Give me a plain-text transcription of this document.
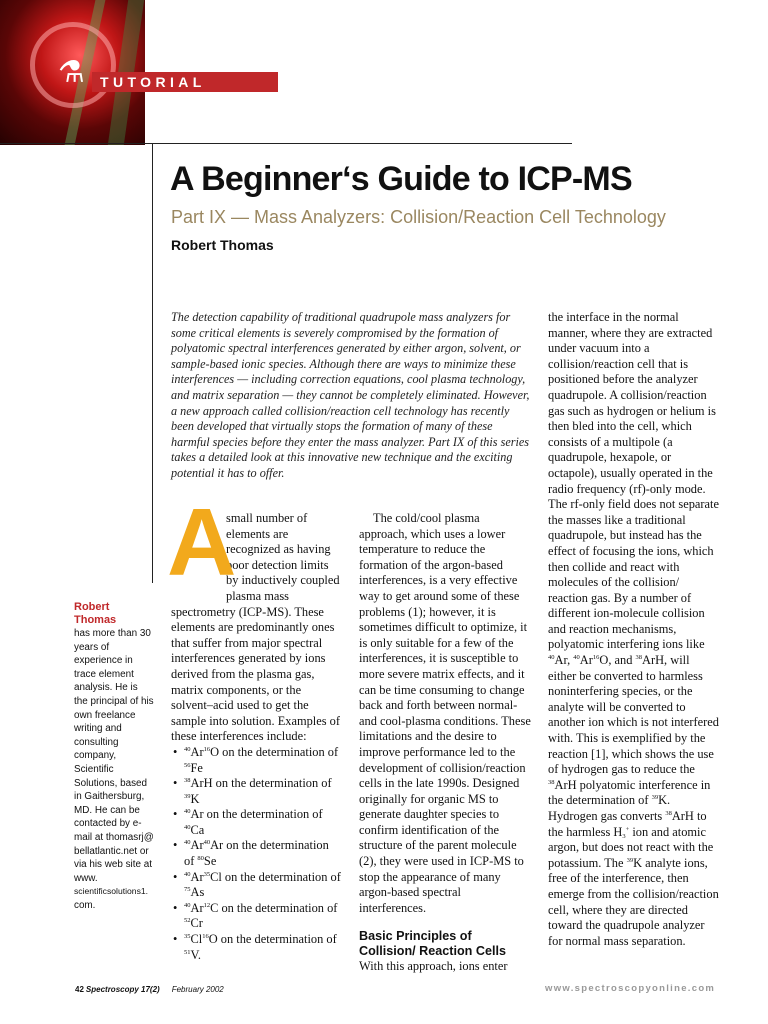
⚗ TUTORIAL
A Beginner‘s Guide to ICP-MS
Part IX — Mass Analyzers: Collision/Reaction Cell Technology
Robert Thomas
The detection capability of traditional quadrupole mass analyzers for some critical elements is severely compromised by the formation of polyatomic spectral interferences generated by either argon, solvent, or sample-based ionic species. Although there are ways to minimize these interferences — including correction equations, cool plasma technology, and matrix separation — they cannot be completely eliminated. However, a new approach called collision/reaction cell technology has recently been developed that virtually stops the formation of many of these harmful species before they enter the mass analyzer. Part IX of this series takes a detailed look at this innovative new technique and the exciting potential it has to offer.
A
small number of elements are recognized as having poor detection limits by inductively coupled plasma mass spectrometry (ICP-MS). These elements are predominantly ones that suffer from major spectral interferences generated by ions derived from the plasma gas, matrix components, or the solvent–acid used to get the sample into solution. Examples of these interferences include:
• $^{40}$Ar$^{16}$O on the determination of $^{56}$Fe
• $^{38}$ArH on the determination of $^{39}$K
• $^{40}$Ar on the determination of $^{40}$Ca
• $^{40}$Ar$^{40}$Ar on the determination of $^{80}$Se
• $^{40}$Ar$^{35}$Cl on the determination of $^{75}$As
• $^{40}$Ar$^{12}$C on the determination of $^{52}$Cr
• $^{35}$Cl$^{16}$O on the determination of $^{51}$V.

The cold/cool plasma approach, which uses a lower temperature to reduce the formation of the argon-based interferences, is a very effective way to get around some of these problems (1); however, it is sometimes difficult to optimize, it is only suitable for a few of the interferences, it is susceptible to more severe matrix effects, and it can be time consuming to change back and forth between normal- and cool-plasma conditions. These limitations and the desire to improve performance led to the development of collision/reaction cells in the late 1990s. Designed originally for organic MS to generate daughter species to confirm identification of the structure of the parent molecule (2), they were used in ICP-MS to stop the appearance of many argon-based spectral interferences.

Basic Principles of Collision/ Reaction Cells

With this approach, ions enter

the interface in the normal manner, where they are extracted under vacuum into a collision/reaction cell that is positioned before the analyzer quadrupole. A collision/reaction gas such as hydrogen or helium is then bled into the cell, which consists of a multipole (a quadrupole, hexapole, or octapole), usually operated in the radio frequency (rf)-only mode. The rf-only field does not separate the masses like a traditional quadrupole, but instead has the effect of focusing the ions, which then collide and react with molecules of the collision/ reaction gas. By a number of different ion-molecule collision and reaction mechanisms, polyatomic interfering ions like $^{40}$Ar, $^{40}$Ar$^{16}$O, and $^{38}$ArH, will either be converted to harmless noninterfering species, or the analyte will be converted to another ion which is not interfered with. This is exemplified by the reaction [1], which shows the use of hydrogen gas to reduce the $^{38}$ArH polyatomic interference in the determination of $^{39}$K. Hydrogen gas converts $^{38}$ArH to the harmless $H_3^+$ ion and atomic argon, but does not react with the potassium. The $^{39}$K analyte ions, free of the interference, then emerge from the collision/reaction cell, where they are directed toward the quadrupole analyzer for normal mass separation.

Robert
Thomas
has more than 30 years of experience in trace element analysis. He is the principal of his own freelance writing and consulting company, Scientific Solutions, based in Gaithersburg, MD. He can be contacted by e-mail at thomasrj@ bellatlantic.net or via his web site at www.
scientificsolutions1.
com.
42 Spectroscopy 17(2) February 2002	www.spectroscopyonline.com
